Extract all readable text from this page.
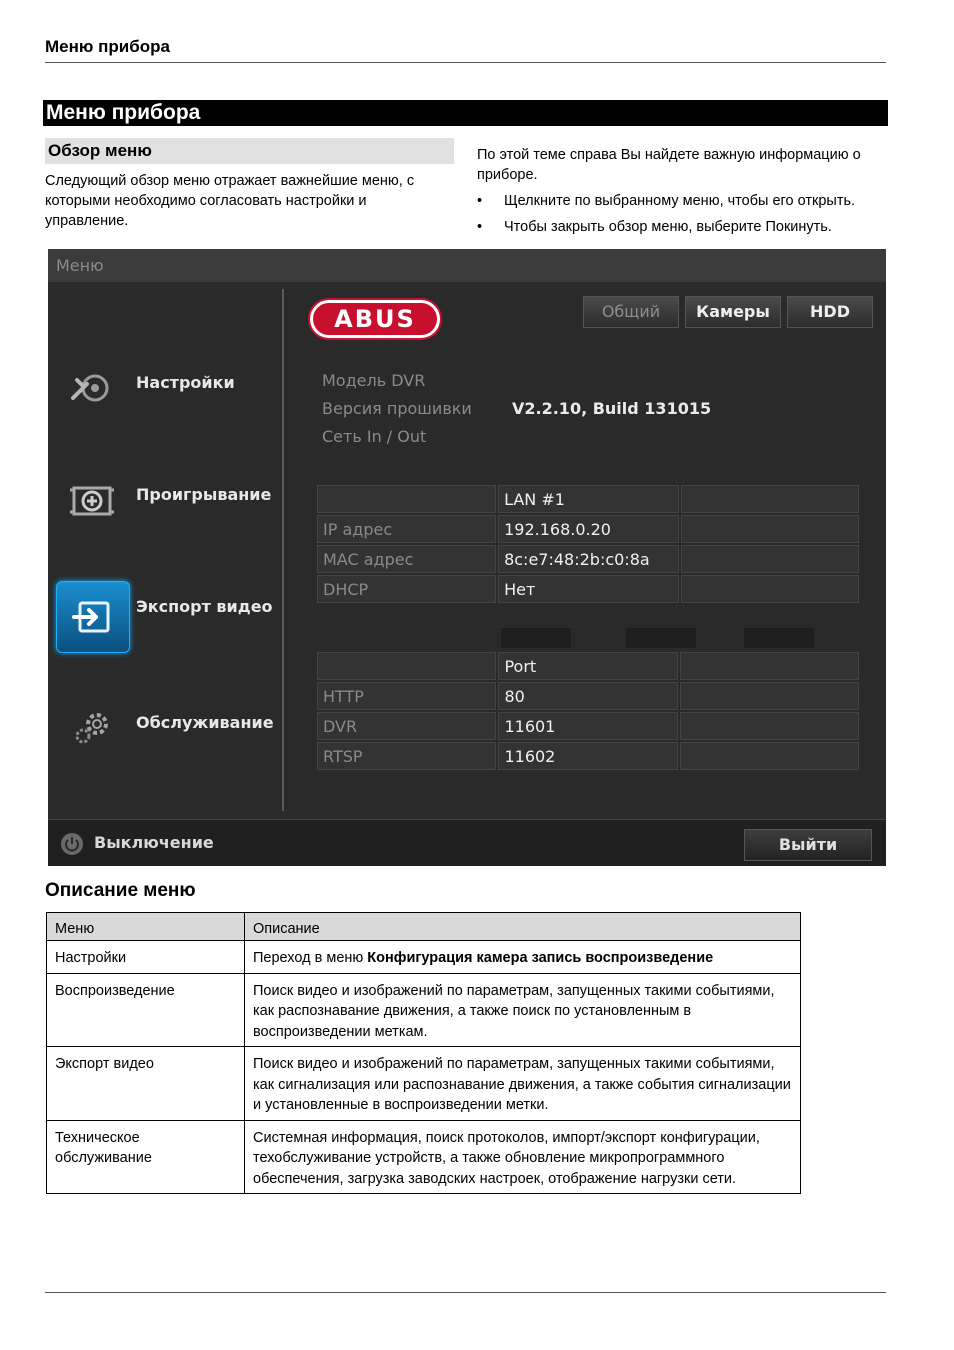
Меню прибора
Меню прибора
Обзор меню
Следующий обзор меню отражает важнейшие меню, с которыми необходимо согласовать настройки и управление.
По этой теме справа Вы найдете важную информацию о приборе.
• Щелкните по выбранному меню, чтобы его открыть.
• Чтобы закрыть обзор меню, выберите Покинуть.
Меню
Настройки
Проигрывание
Экспорт видео
Обслуживание
ABUS	Общий	Камеры	HDD
Модель DVR
Версия прошивки	V2.2.10, Build 131015
Сеть In / Out
	LAN #1	
IP адрес	192.168.0.20	
MAC адрес	8c:e7:48:2b:c0:8a	
DHCP	Нет	
	Port	
HTTP	80	
DVR	11601	
RTSP	11602	
Выключение	Выйти
Описание меню
Меню	Описание
Настройки	Переход в меню Конфигурация камера запись воспроизведение
Воспроизведение	Поиск видео и изображений по параметрам, запущенных такими событиями, как распознавание движения, а также поиск по установленным в воспроизведении меткам.
Экспорт видео	Поиск видео и изображений по параметрам, запущенных такими событиями, как сигнализация или распознавание движения, а также события сигнализации и установленные в воспроизведении метки.
Техническое обслуживание	Системная информация, поиск протоколов, импорт/экспорт конфигурации, техобслуживание устройств, а также обновление микропрограммного обеспечения, загрузка заводских настроек, отображение нагрузки сети.
